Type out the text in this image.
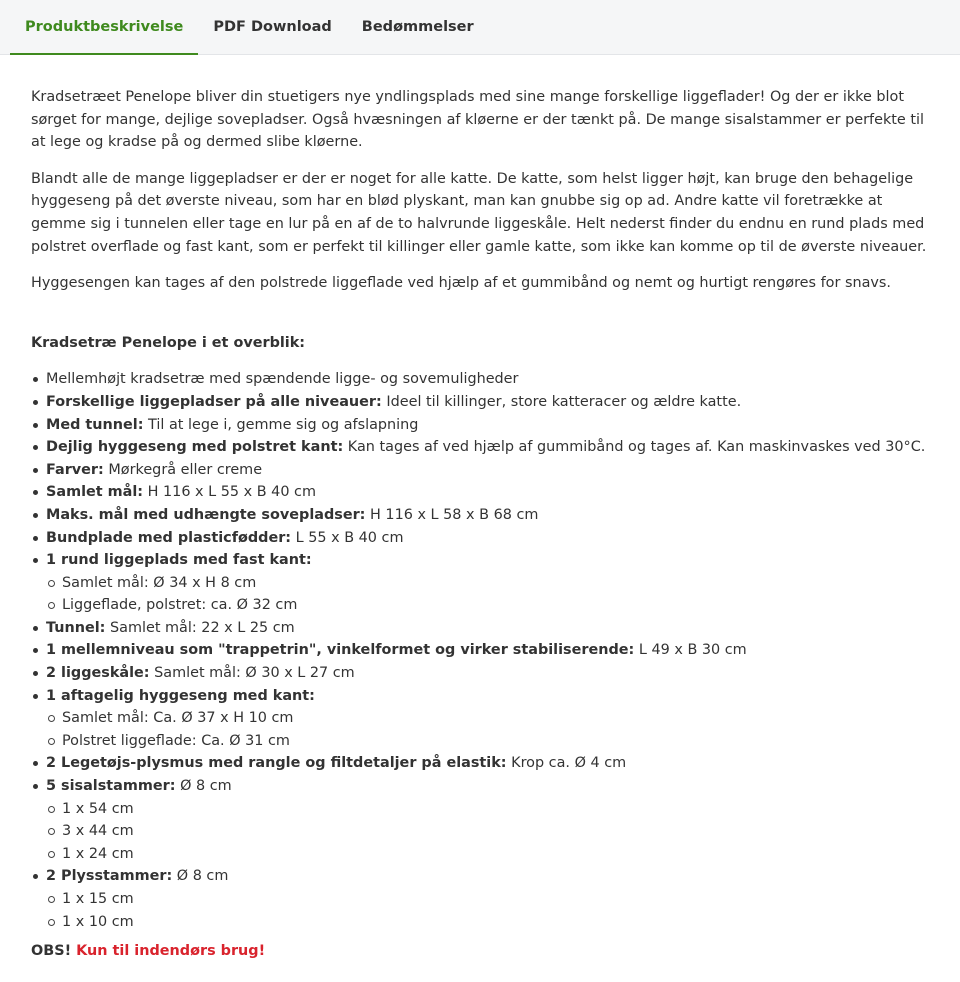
Produktbeskrivelse	PDF Download	Bedømmelser

Kradsetræet Penelope bliver din stuetigers nye yndlingsplads med sine mange forskellige liggeflader! Og der er ikke blot sørget for mange, dejlige sovepladser. Også hvæsningen af kløerne er der tænkt på. De mange sisalstammer er perfekte til at lege og kradse på og dermed slibe kløerne.

Blandt alle de mange liggepladser er der er noget for alle katte. De katte, som helst ligger højt, kan bruge den behagelige hyggeseng på det øverste niveau, som har en blød plyskant, man kan gnubbe sig op ad. Andre katte vil foretrække at gemme sig i tunnelen eller tage en lur på en af de to halvrunde liggeskåle. Helt nederst finder du endnu en rund plads med polstret overflade og fast kant, som er perfekt til killinger eller gamle katte, som ikke kan komme op til de øverste niveauer.

Hyggesengen kan tages af den polstrede liggeflade ved hjælp af et gummibånd og nemt og hurtigt rengøres for snavs.

Kradsetræ Penelope i et overblik:
Mellemhøjt kradsetræ med spændende ligge- og sovemuligheder
Forskellige liggepladser på alle niveauer: Ideel til killinger, store katteracer og ældre katte.
Med tunnel: Til at lege i, gemme sig og afslapning
Dejlig hyggeseng med polstret kant: Kan tages af ved hjælp af gummibånd og tages af. Kan maskinvaskes ved 30°C.
Farver: Mørkegrå eller creme
Samlet mål: H 116 x L 55 x B 40 cm
Maks. mål med udhængte sovepladser: H 116 x L 58 x B 68 cm
Bundplade med plasticfødder: L 55 x B 40 cm
1 rund liggeplads med fast kant:
Samlet mål: Ø 34 x H 8 cm
Liggeflade, polstret: ca. Ø 32 cm
Tunnel: Samlet mål: 22 x L 25 cm
1 mellemniveau som "trappetrin", vinkelformet og virker stabiliserende: L 49 x B 30 cm
2 liggeskåle: Samlet mål: Ø 30 x L 27 cm
1 aftagelig hyggeseng med kant:
Samlet mål: Ca. Ø 37 x H 10 cm
Polstret liggeflade: Ca. Ø 31 cm
2 Legetøjs-plysmus med rangle og filtdetaljer på elastik: Krop ca. Ø 4 cm
5 sisalstammer: Ø 8 cm
1 x 54 cm
3 x 44 cm
1 x 24 cm
2 Plysstammer: Ø 8 cm
1 x 15 cm
1 x 10 cm
OBS! Kun til indendørs brug!
